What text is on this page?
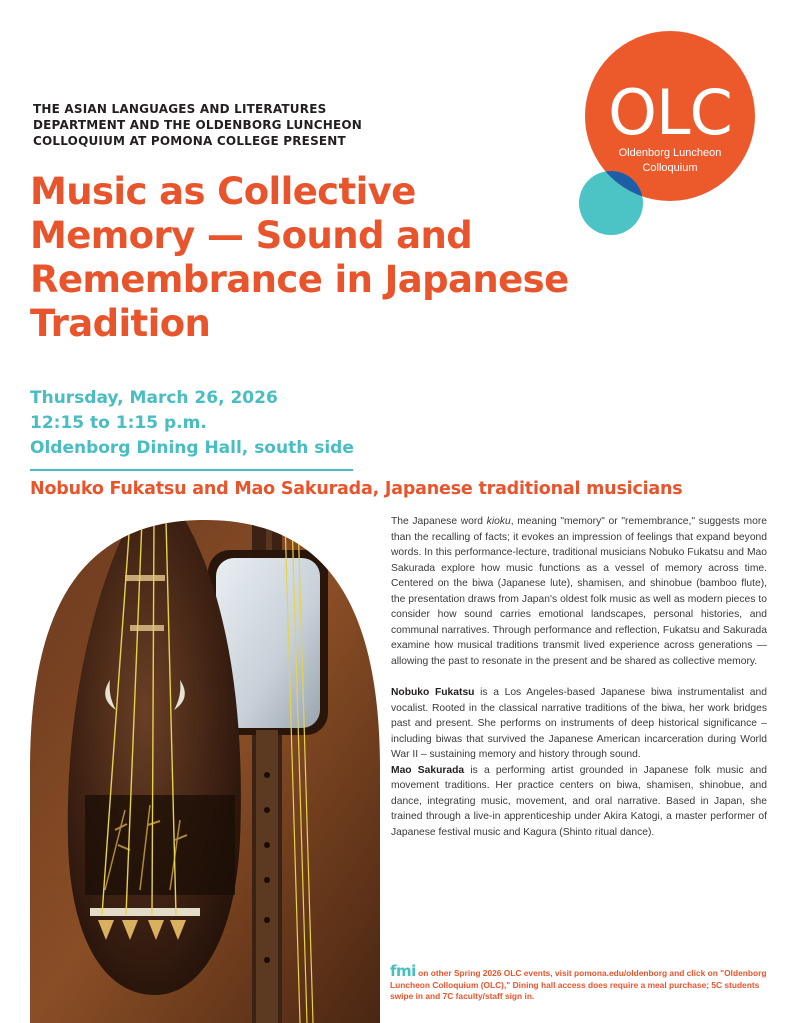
THE ASIAN LANGUAGES AND LITERATURES
DEPARTMENT AND THE OLDENBORG LUNCHEON
COLLOQUIUM AT POMONA COLLEGE PRESENT	OLC
Oldenborg Luncheon
Colloquium
Music as Collective
Memory — Sound and
Remembrance in Japanese
Tradition
Thursday, March 26, 2026
12:15 to 1:15 p.m.
Oldenborg Dining Hall, south side
Nobuko Fukatsu and Mao Sakurada, Japanese traditional musicians

The Japanese word kioku, meaning "memory" or "remembrance," suggests more than the recalling of facts; it evokes an impression of feelings that expand beyond words. In this performance-lecture, traditional musicians Nobuko Fukatsu and Mao Sakurada explore how music functions as a vessel of memory across time. Centered on the biwa (Japanese lute), shamisen, and shinobue (bamboo flute), the presentation draws from Japan's oldest folk music as well as modern pieces to consider how sound carries emotional landscapes, personal histories, and communal narratives. Through performance and reflection, Fukatsu and Sakurada examine how musical traditions transmit lived experience across generations — allowing the past to resonate in the present and be shared as collective memory.

Nobuko Fukatsu is a Los Angeles-based Japanese biwa instrumentalist and vocalist. Rooted in the classical narrative traditions of the biwa, her work bridges past and present. She performs on instruments of deep historical significance – including biwas that survived the Japanese American incarceration during World War II – sustaining memory and history through sound.

Mao Sakurada is a performing artist grounded in Japanese folk music and movement traditions. Her practice centers on biwa, shamisen, shinobue, and dance, integrating music, movement, and oral narrative. Based in Japan, she trained through a live-in apprenticeship under Akira Katogi, a master performer of Japanese festival music and Kagura (Shinto ritual dance).

fmi on other Spring 2026 OLC events, visit pomona.edu/oldenborg and click on "Oldenborg Luncheon Colloquium (OLC)," Dining hall access does require a meal purchase; 5C students swipe in and 7C faculty/staff sign in.
